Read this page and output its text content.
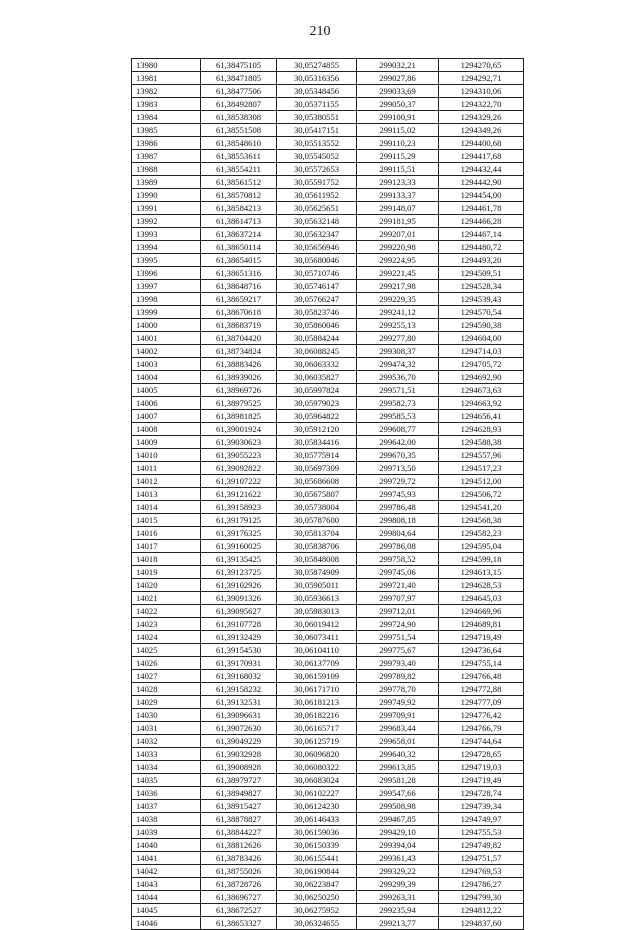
210
13980	61,38475105	30,05274855	299032,21	1294270,65
13981	61,38471805	30,05316356	299027,86	1294292,71
13982	61,38477506	30,05348456	299033,69	1294310,06
13983	61,38492807	30,05371155	299050,37	1294322,70
13984	61,38538308	30,05380551	299100,91	1294329,26
13985	61,38551508	30,05417151	299115,02	1294349,26
13986	61,38548610	30,05513552	299110,23	1294400,68
13987	61,38553611	30,05545052	299115,29	1294417,68
13988	61,38554211	30,05572653	299115,51	1294432,44
13989	61,38561512	30,05591752	299123,33	1294442,90
13990	61,38570812	30,05611952	299133,37	1294454,00
13991	61,38584213	30,05625651	299148,07	1294461,78
13992	61,38614713	30,05632148	299181,95	1294466,28
13993	61,38637214	30,05632347	299207,01	1294467,14
13994	61,38650114	30,05656946	299220,98	1294480,72
13995	61,38654015	30,05680046	299224,95	1294493,20
13996	61,38651316	30,05710746	299221,45	1294509,51
13997	61,38648716	30,05746147	299217,98	1294528,34
13998	61,38659217	30,05766247	299229,35	1294539,43
13999	61,38670618	30,05823746	299241,12	1294570,54
14000	61,38683719	30,05860046	299255,13	1294590,38
14001	61,38704420	30,05884244	299277,80	1294604,00
14002	61,38734824	30,06088245	299308,37	1294714,03
14003	61,38883426	30,06063332	299474,32	1294705,72
14004	61,38939026	30,06035827	299536,70	1294692,90
14005	61,38969726	30,05997824	299571,51	1294673,63
14006	61,38979525	30,05979023	299582,73	1294663,92
14007	61,38981825	30,05964822	299585,53	1294656,41
14008	61,39001924	30,05912120	299608,77	1294628,93
14009	61,39030623	30,05834416	299642,00	1294588,38
14010	61,39055223	30,05775914	299670,35	1294557,96
14011	61,39092822	30,05697309	299713,50	1294517,23
14012	61,39107222	30,05686608	299729,72	1294512,00
14013	61,39121622	30,05675807	299745,93	1294506,72
14014	61,39158923	30,05738004	299786,48	1294541,20
14015	61,39179125	30,05787600	299808,18	1294568,38
14016	61,39176325	30,05813704	299804,64	1294582,23
14017	61,39160025	30,05838706	299786,08	1294595,04
14018	61,39135425	30,05848008	299758,52	1294599,18
14019	61,39123725	30,05874909	299745,06	1294613,15
14020	61,39102926	30,05905011	299721,40	1294628,53
14021	61,39091326	30,05936613	299707,97	1294645,03
14022	61,39095627	30,05983013	299712,01	1294669,96
14023	61,39107728	30,06019412	299724,90	1294689,81
14024	61,39132429	30,06073411	299751,54	1294719,49
14025	61,39154530	30,06104110	299775,67	1294736,64
14026	61,39170931	30,06137709	299793,40	1294755,14
14027	61,39168032	30,06159109	299789,82	1294766,48
14028	61,39158232	30,06171710	299778,70	1294772,88
14029	61,39132531	30,06181213	299749,92	1294777,09
14030	61,39096631	30,06182216	299709,91	1294776,42
14031	61,39072630	30,06165717	299683,44	1294766,79
14032	61,39049229	30,06125719	299658,01	1294744,64
14033	61,39032928	30,06096820	299640,32	1294728,65
14034	61,39008928	30,06080322	299613,85	1294719,03
14035	61,38979727	30,06083024	299581,28	1294719,49
14036	61,38949827	30,06102227	299547,66	1294728,74
14037	61,38915427	30,06124230	299508,98	1294739,34
14038	61,38878827	30,06146433	299467,85	1294749,97
14039	61,38844227	30,06159036	299429,10	1294755,53
14040	61,38812626	30,06150339	299394,04	1294749,82
14041	61,38783426	30,06155441	299361,43	1294751,57
14042	61,38755026	30,06190844	299329,22	1294769,53
14043	61,38728726	30,06223847	299299,39	1294786,27
14044	61,38696727	30,06250250	299263,31	1294799,30
14045	61,38672527	30,06275952	299235,94	1294812,22
14046	61,38653327	30,06324655	299213,77	1294837,60
